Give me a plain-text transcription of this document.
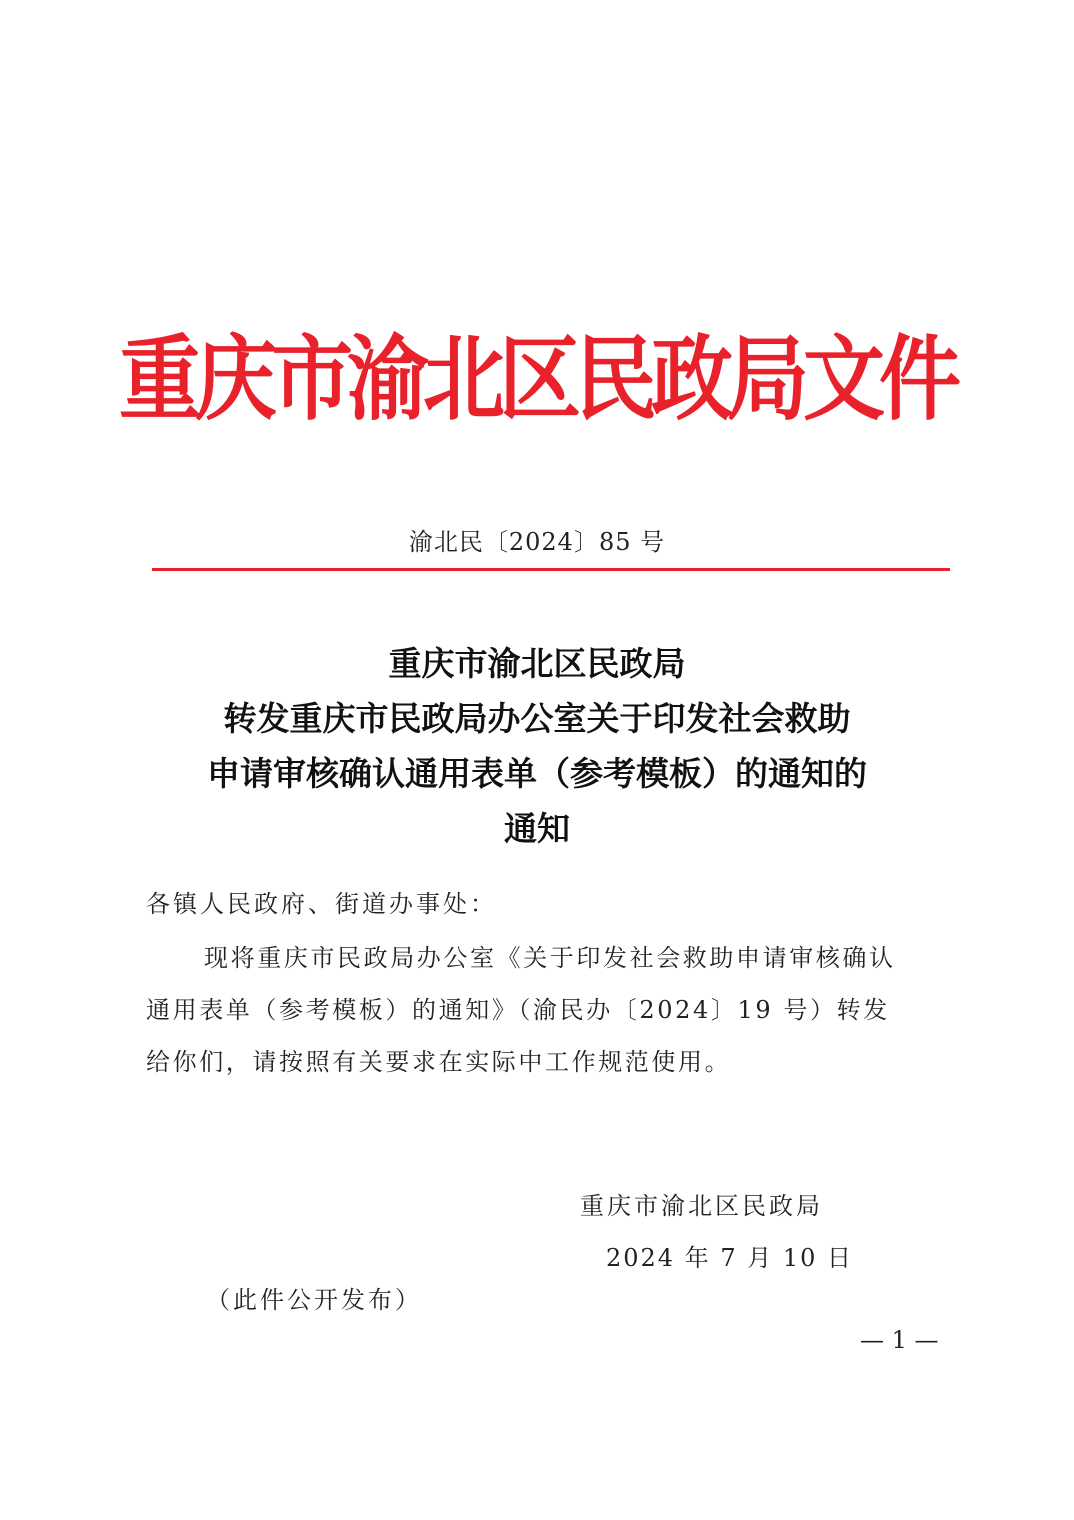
重庆市渝北区民政局文件
渝北民〔2024〕85 号
重庆市渝北区民政局
转发重庆市民政局办公室关于印发社会救助
申请审核确认通用表单（参考模板）的通知的
通知
各镇人民政府、街道办事处：
现将重庆市民政局办公室《关于印发社会救助申请审核确认
通用表单（参考模板）的通知》（渝民办〔2024〕19 号）转发
给你们，请按照有关要求在实际中工作规范使用。
重庆市渝北区民政局
2024 年 7 月 10 日
（此件公开发布）
— 1 —
